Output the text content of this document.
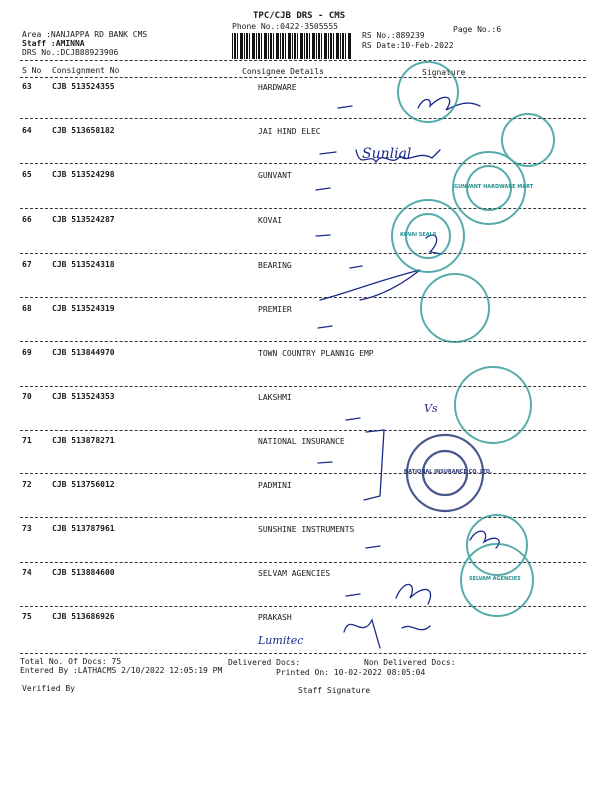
TPC/CJB DRS - CMS
Phone No.:0422-3505555
Area :NANJAPPA RD BANK CMS
Staff :AMINNA
DRS No.:DCJB88923906
RS No.:889239
RS Date:10-Feb-2022
Page No.:6
S No Consignment No	Consignee Details	Signature
63	CJB 513524355	HARDWARE
64	CJB 513658182	JAI HIND ELEC
65	CJB 513524298	GUNVANT
66	CJB 513524287	KOVAI
67	CJB 513524318	BEARING
68	CJB 513524319	PREMIER
69	CJB 513844970	TOWN COUNTRY PLANNIG EMP
70	CJB 513524353	LAKSHMI
71	CJB 513878271	NATIONAL INSURANCE
72	CJB 513756012	PADMINI
73	CJB 513787961	SUNSHINE INSTRUMENTS
74	CJB 513884600	SELVAM AGENCIES
75	CJB 513686926	PRAKASH
Total No. Of Docs: 75	Delivered Docs:	Non Delivered Docs:
Entered By :LATHACMS 2/10/2022 12:05:19 PM	Printed On: 10-02-2022 08:05:04
Verified By	Staff Signature
Sunlial
Vs
Lumitec
GUNVANT HARDWARE MART
NATIONAL INSURANCE CO. LTD.
SELVAM AGENCIES
KOVAI SEALS
